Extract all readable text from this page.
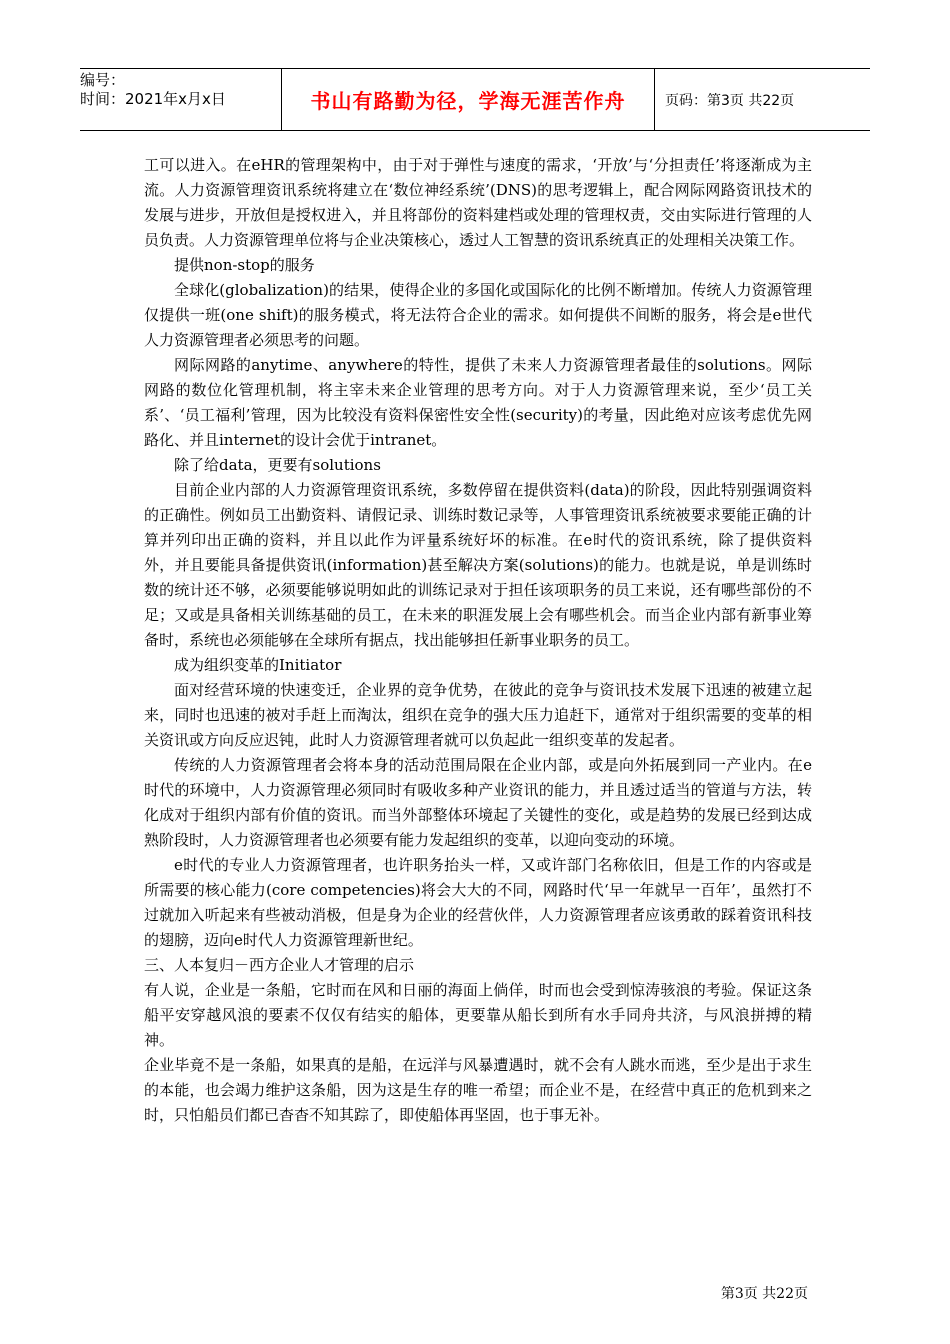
编号：
时间：2021年x月x日	书山有路勤为径，学海无涯苦作舟	页码：第3页 共22页

工可以进入。在eHR的管理架构中，由于对于弹性与速度的需求，‘开放’与‘分担责任’将逐渐成为主流。人力资源管理资讯系统将建立在‘数位神经系统’(DNS)的思考逻辑上，配合网际网路资讯技术的发展与进步，开放但是授权进入，并且将部份的资料建档或处理的管理权责，交由实际进行管理的人员负责。人力资源管理单位将与企业决策核心，透过人工智慧的资讯系统真正的处理相关决策工作。

提供non-stop的服务

全球化(globalization)的结果，使得企业的多国化或国际化的比例不断增加。传统人力资源管理仅提供一班(one shift)的服务模式，将无法符合企业的需求。如何提供不间断的服务，将会是e世代人力资源管理者必须思考的问题。

网际网路的anytime、anywhere的特性，提供了未来人力资源管理者最佳的solutions。网际网路的数位化管理机制，将主宰未来企业管理的思考方向。对于人力资源管理来说，至少‘员工关系’、‘员工福利’管理，因为比较没有资料保密性安全性(security)的考量，因此绝对应该考虑优先网路化、并且internet的设计会优于intranet。

除了给data，更要有solutions

目前企业内部的人力资源管理资讯系统，多数停留在提供资料(data)的阶段，因此特别强调资料的正确性。例如员工出勤资料、请假记录、训练时数记录等，人事管理资讯系统被要求要能正确的计算并列印出正确的资料，并且以此作为评量系统好坏的标准。在e时代的资讯系统，除了提供资料外，并且要能具备提供资讯(information)甚至解决方案(solutions)的能力。也就是说，单是训练时数的统计还不够，必须要能够说明如此的训练记录对于担任该项职务的员工来说，还有哪些部份的不足；又或是具备相关训练基础的员工，在未来的职涯发展上会有哪些机会。而当企业内部有新事业筹备时，系统也必须能够在全球所有据点，找出能够担任新事业职务的员工。

成为组织变革的Initiator

面对经营环境的快速变迁，企业界的竞争优势，在彼此的竞争与资讯技术发展下迅速的被建立起来，同时也迅速的被对手赶上而淘汰，组织在竞争的强大压力追赶下，通常对于组织需要的变革的相关资讯或方向反应迟钝，此时人力资源管理者就可以负起此一组织变革的发起者。

传统的人力资源管理者会将本身的活动范围局限在企业内部，或是向外拓展到同一产业内。在e时代的环境中，人力资源管理必须同时有吸收多种产业资讯的能力，并且透过适当的管道与方法，转化成对于组织内部有价值的资讯。而当外部整体环境起了关键性的变化，或是趋势的发展已经到达成熟阶段时，人力资源管理者也必须要有能力发起组织的变革，以迎向变动的环境。

e时代的专业人力资源管理者，也许职务抬头一样，又或许部门名称依旧，但是工作的内容或是所需要的核心能力(core competencies)将会大大的不同，网路时代‘早一年就早一百年’，虽然打不过就加入听起来有些被动消极，但是身为企业的经营伙伴，人力资源管理者应该勇敢的踩着资讯科技的翅膀，迈向e时代人力资源管理新世纪。

三、人本复归－西方企业人才管理的启示

有人说，企业是一条船，它时而在风和日丽的海面上倘佯，时而也会受到惊涛骇浪的考验。保证这条船平安穿越风浪的要素不仅仅有结实的船体，更要靠从船长到所有水手同舟共济，与风浪拼搏的精神。

企业毕竟不是一条船，如果真的是船，在远洋与风暴遭遇时，就不会有人跳水而逃，至少是出于求生的本能，也会竭力维护这条船，因为这是生存的唯一希望；而企业不是，在经营中真正的危机到来之时，只怕船员们都已杳杳不知其踪了，即使船体再坚固，也于事无补。

第3页 共22页
